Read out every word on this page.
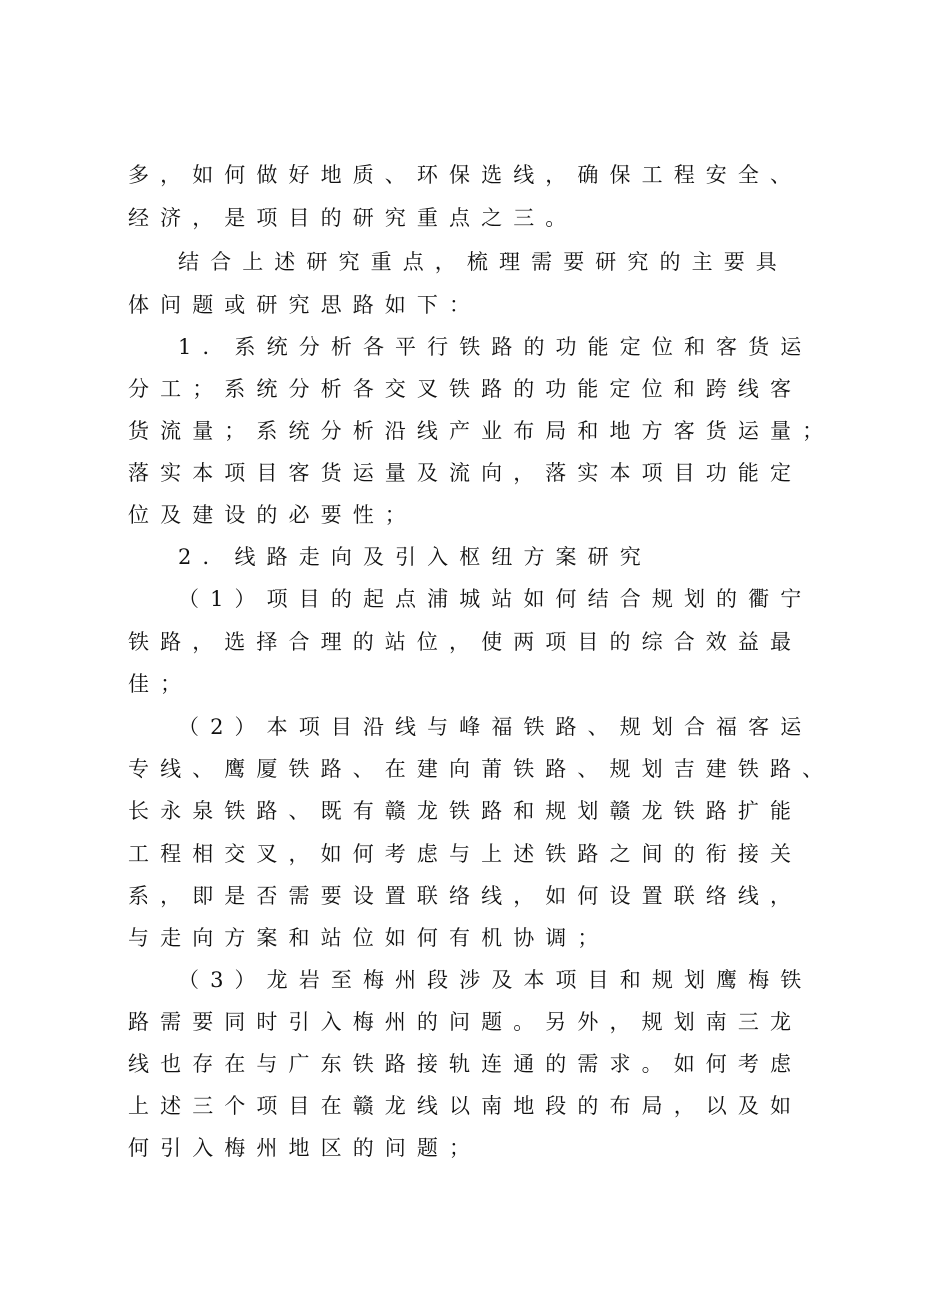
多，如何做好地质、环保选线，确保工程安全、
经济，是项目的研究重点之三。
结合上述研究重点，梳理需要研究的主要具
体问题或研究思路如下：
1．系统分析各平行铁路的功能定位和客货运
分工；系统分析各交叉铁路的功能定位和跨线客
货流量；系统分析沿线产业布局和地方客货运量；
落实本项目客货运量及流向，落实本项目功能定
位及建设的必要性；
2．线路走向及引入枢纽方案研究
（1）项目的起点浦城站如何结合规划的衢宁
铁路，选择合理的站位，使两项目的综合效益最
佳；
（2）本项目沿线与峰福铁路、规划合福客运
专线、鹰厦铁路、在建向莆铁路、规划吉建铁路、
长永泉铁路、既有赣龙铁路和规划赣龙铁路扩能
工程相交叉，如何考虑与上述铁路之间的衔接关
系，即是否需要设置联络线，如何设置联络线，
与走向方案和站位如何有机协调；
（3）龙岩至梅州段涉及本项目和规划鹰梅铁
路需要同时引入梅州的问题。另外，规划南三龙
线也存在与广东铁路接轨连通的需求。如何考虑
上述三个项目在赣龙线以南地段的布局，以及如
何引入梅州地区的问题；
